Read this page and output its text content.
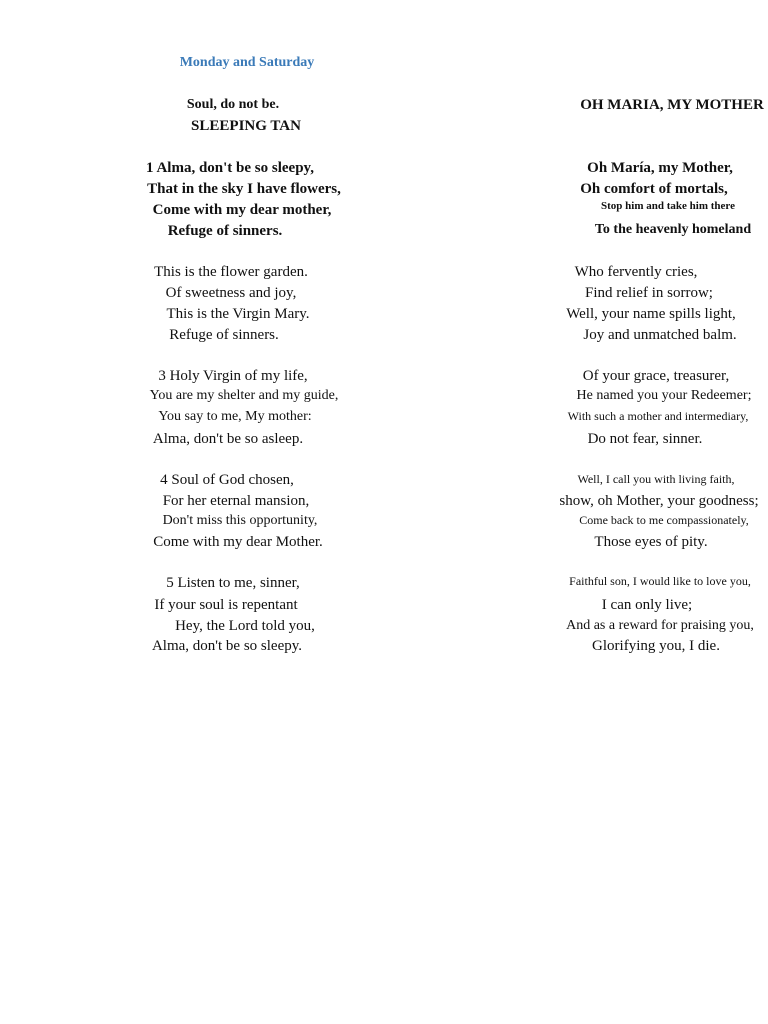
Monday and Saturday
Soul, do not be.
SLEEPING TAN
1 Alma, don't be so sleepy,
That in the sky I have flowers,
Come with my dear mother,
Refuge of sinners.
This is the flower garden.
Of sweetness and joy,
This is the Virgin Mary.
Refuge of sinners.
3 Holy Virgin of my life,
You are my shelter and my guide,
You say to me, My mother:
Alma, don't be so asleep.
4 Soul of God chosen,
For her eternal mansion,
Don't miss this opportunity,
Come with my dear Mother.
5 Listen to me, sinner,
If your soul is repentant
Hey, the Lord told you,
Alma, don't be so sleepy.
OH MARIA, MY MOTHER
Oh María, my Mother,
Oh comfort of mortals,
Stop him and take him there
To the heavenly homeland
Who fervently cries,
Find relief in sorrow;
Well, your name spills light,
Joy and unmatched balm.
Of your grace, treasurer,
He named you your Redeemer;
With such a mother and intermediary,
Do not fear, sinner.
Well, I call you with living faith,
show, oh Mother, your goodness;
Come back to me compassionately,
Those eyes of pity.
Faithful son, I would like to love you,
I can only live;
And as a reward for praising you,
Glorifying you, I die.
